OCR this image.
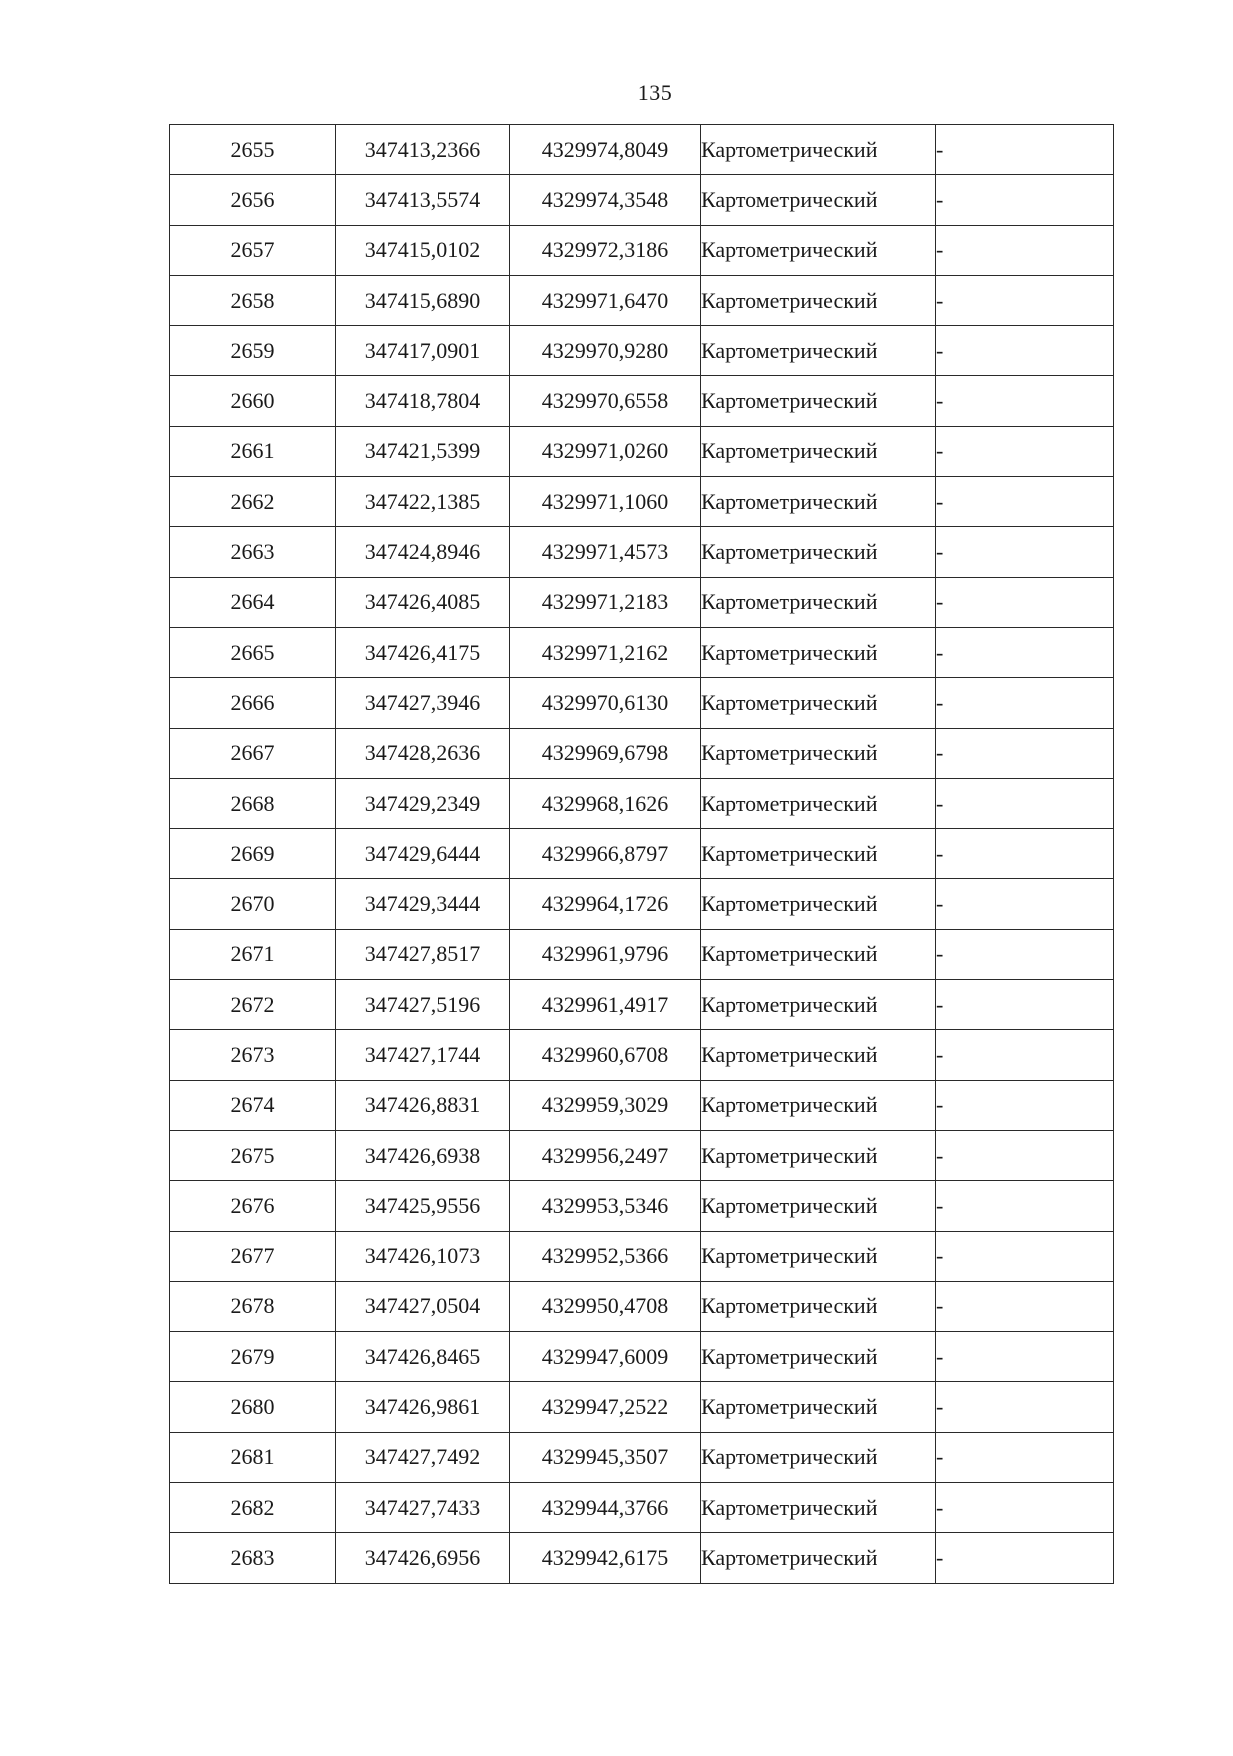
135
2655	347413,2366	4329974,8049	Картометрический	-
2656	347413,5574	4329974,3548	Картометрический	-
2657	347415,0102	4329972,3186	Картометрический	-
2658	347415,6890	4329971,6470	Картометрический	-
2659	347417,0901	4329970,9280	Картометрический	-
2660	347418,7804	4329970,6558	Картометрический	-
2661	347421,5399	4329971,0260	Картометрический	-
2662	347422,1385	4329971,1060	Картометрический	-
2663	347424,8946	4329971,4573	Картометрический	-
2664	347426,4085	4329971,2183	Картометрический	-
2665	347426,4175	4329971,2162	Картометрический	-
2666	347427,3946	4329970,6130	Картометрический	-
2667	347428,2636	4329969,6798	Картометрический	-
2668	347429,2349	4329968,1626	Картометрический	-
2669	347429,6444	4329966,8797	Картометрический	-
2670	347429,3444	4329964,1726	Картометрический	-
2671	347427,8517	4329961,9796	Картометрический	-
2672	347427,5196	4329961,4917	Картометрический	-
2673	347427,1744	4329960,6708	Картометрический	-
2674	347426,8831	4329959,3029	Картометрический	-
2675	347426,6938	4329956,2497	Картометрический	-
2676	347425,9556	4329953,5346	Картометрический	-
2677	347426,1073	4329952,5366	Картометрический	-
2678	347427,0504	4329950,4708	Картометрический	-
2679	347426,8465	4329947,6009	Картометрический	-
2680	347426,9861	4329947,2522	Картометрический	-
2681	347427,7492	4329945,3507	Картометрический	-
2682	347427,7433	4329944,3766	Картометрический	-
2683	347426,6956	4329942,6175	Картометрический	-
